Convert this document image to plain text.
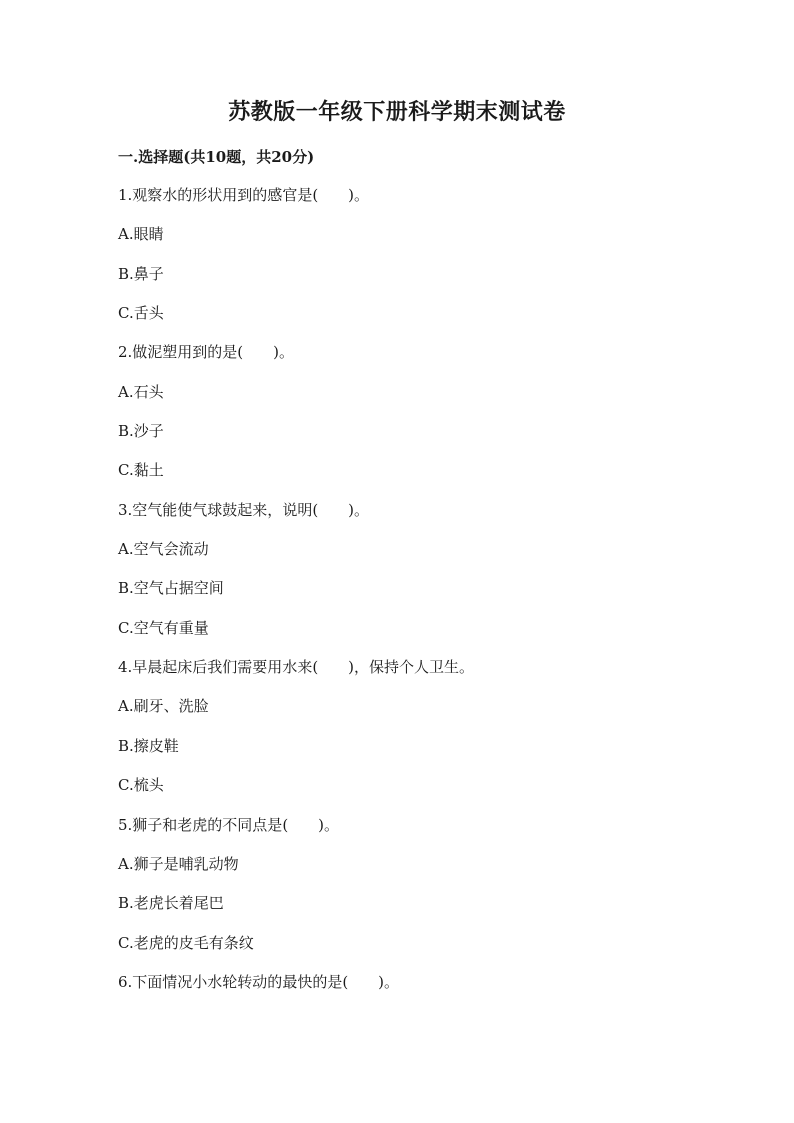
苏教版一年级下册科学期末测试卷
一.选择题(共10题，共20分)
1.观察水的形状用到的感官是(　　)。
A.眼睛
B.鼻子
C.舌头
2.做泥塑用到的是(　　)。
A.石头
B.沙子
C.黏土
3.空气能使气球鼓起来，说明(　　)。
A.空气会流动
B.空气占据空间
C.空气有重量
4.早晨起床后我们需要用水来(　　)，保持个人卫生。
A.刷牙、洗脸
B.擦皮鞋
C.梳头
5.狮子和老虎的不同点是(　　)。
A.狮子是哺乳动物
B.老虎长着尾巴
C.老虎的皮毛有条纹
6.下面情况小水轮转动的最快的是(　　)。
